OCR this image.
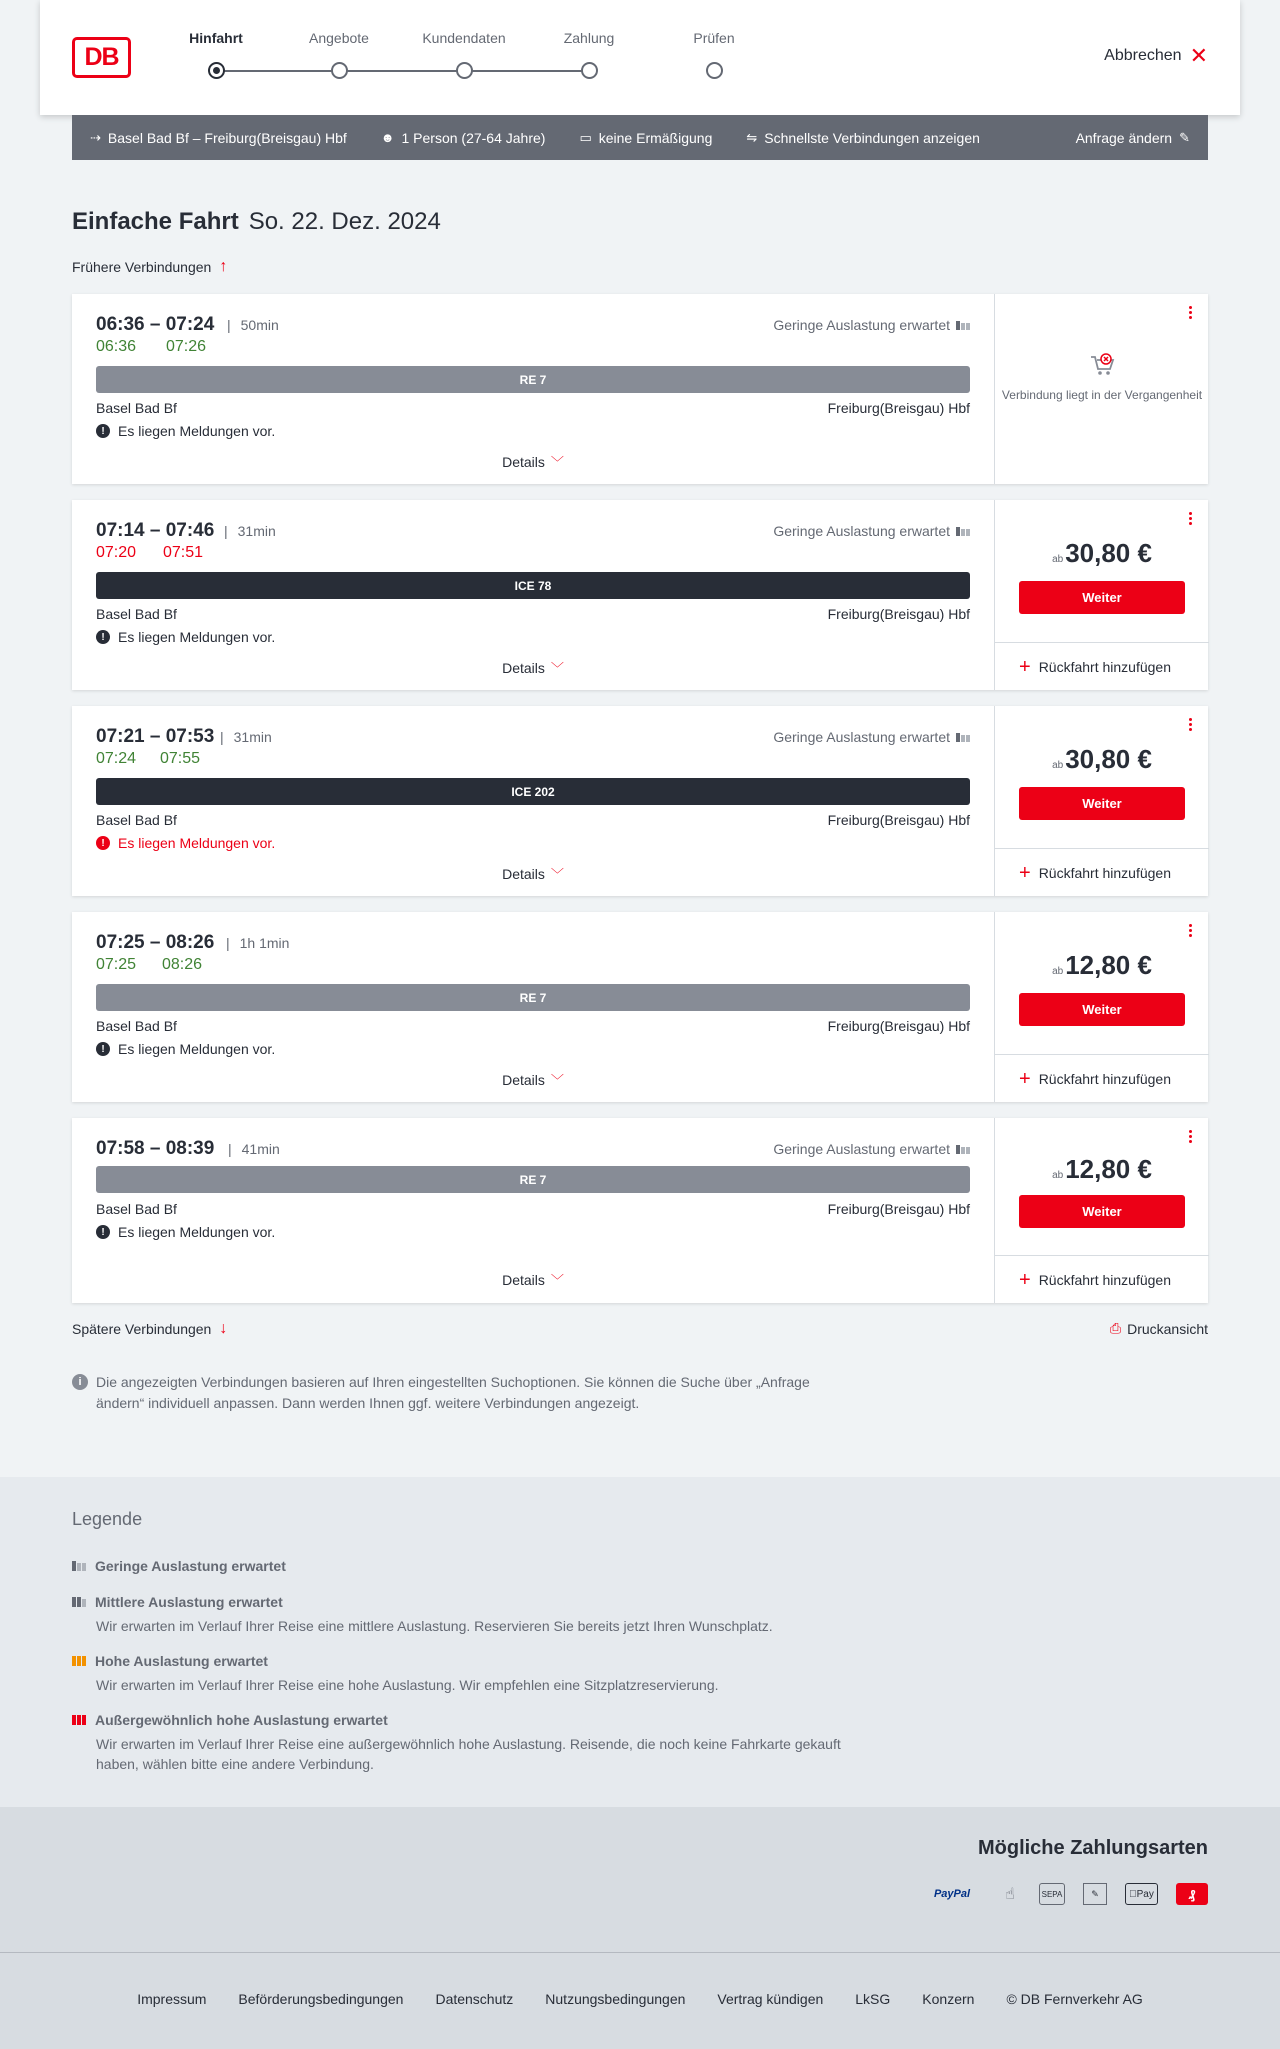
DB
Hinfahrt	Angebote	Kundendaten	Zahlung	Prüfen
Abbrechen ✕
⇢ Basel Bad Bf – Freiburg(Breisgau) Hbf	☻ 1 Person (27-64 Jahre)	▭ keine Ermäßigung	⇋ Schnellste Verbindungen anzeigen	Anfrage ändern ✎
Einfache Fahrt So. 22. Dez. 2024
Frühere Verbindungen ↑
06:36 – 07:24	| 50min	Geringe Auslastung erwartet
06:36 07:26
RE 7
Basel Bad Bf	Freiburg(Breisgau) Hbf
! Es liegen Meldungen vor.
Details ﹀
Verbindung liegt in der Vergangenheit
07:14 – 07:46	| 31min	Geringe Auslastung erwartet
07:20 07:51
ICE 78
Basel Bad Bf	Freiburg(Breisgau) Hbf
! Es liegen Meldungen vor.
Details ﹀
ab30,80 €
Weiter
+ Rückfahrt hinzufügen
07:21 – 07:53	| 31min	Geringe Auslastung erwartet
07:24 07:55
ICE 202
Basel Bad Bf	Freiburg(Breisgau) Hbf
! Es liegen Meldungen vor.
Details ﹀
ab30,80 €
Weiter
+ Rückfahrt hinzufügen
07:25 – 08:26	| 1h 1min
07:25 08:26
RE 7
Basel Bad Bf	Freiburg(Breisgau) Hbf
! Es liegen Meldungen vor.
Details ﹀
ab12,80 €
Weiter
+ Rückfahrt hinzufügen
07:58 – 08:39	| 41min	Geringe Auslastung erwartet
RE 7
Basel Bad Bf	Freiburg(Breisgau) Hbf
! Es liegen Meldungen vor.
Details ﹀
ab12,80 €
Weiter
+ Rückfahrt hinzufügen
Spätere Verbindungen ↓	⎙ Druckansicht
i	Die angezeigten Verbindungen basieren auf Ihren eingestellten Suchoptionen. Sie können die Suche über „Anfrage ändern“ individuell anpassen. Dann werden Ihnen ggf. weitere Verbindungen angezeigt.
Legende
Geringe Auslastung erwartet
Mittlere Auslastung erwartet
Wir erwarten im Verlauf Ihrer Reise eine mittlere Auslastung. Reservieren Sie bereits jetzt Ihren Wunschplatz.
Hohe Auslastung erwartet
Wir erwarten im Verlauf Ihrer Reise eine hohe Auslastung. Wir empfehlen eine Sitzplatzreservierung.
Außergewöhnlich hohe Auslastung erwartet
Wir erwarten im Verlauf Ihrer Reise eine außergewöhnlich hohe Auslastung. Reisende, die noch keine Fahrkarte gekauft haben, wählen bitte eine andere Verbindung.
Mögliche Zahlungsarten
PayPal	☝	SEPA	✎	Pay	₰
Impressum Beförderungsbedingungen Datenschutz Nutzungsbedingungen Vertrag kündigen LkSG Konzern © DB Fernverkehr AG
